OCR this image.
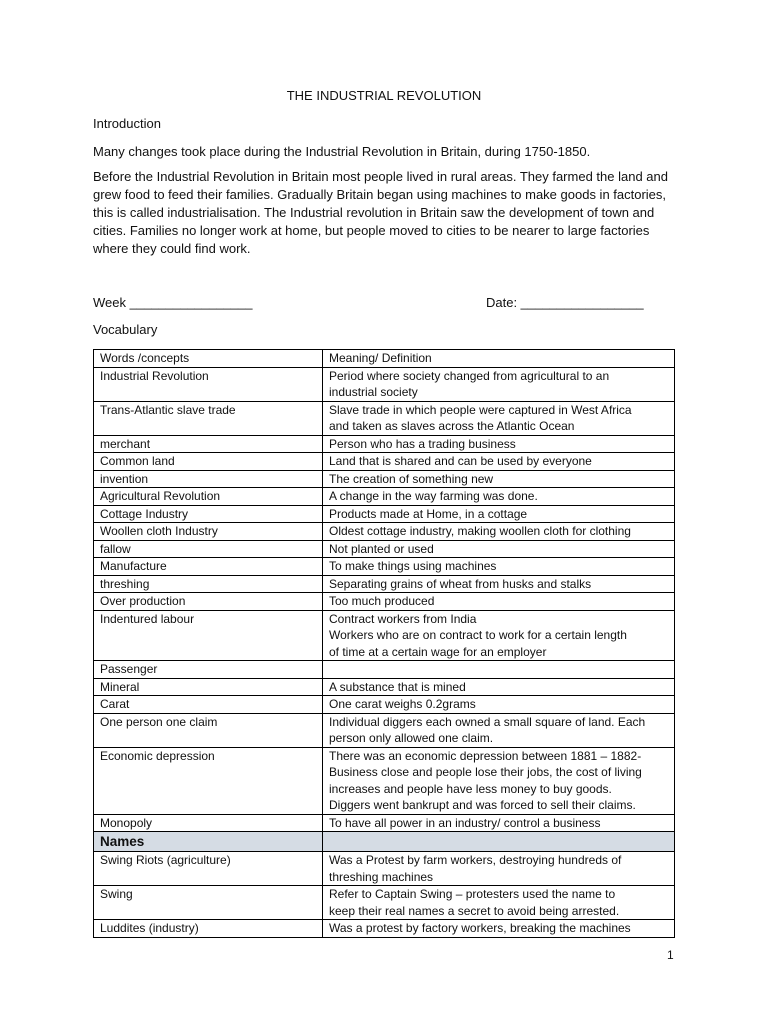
THE INDUSTRIAL REVOLUTION
Introduction
Many changes took place during the Industrial Revolution in Britain, during 1750-1850.
Before the Industrial Revolution in Britain most people lived in rural areas. They farmed the land and grew food to feed their families. Gradually Britain began using machines to make goods in factories, this is called industrialisation. The Industrial revolution in Britain saw the development of town and cities. Families no longer work at home, but people moved to cities to be nearer to large factories where they could find work.
Week _________________	Date: _________________
Vocabulary
Words /concepts	Meaning/ Definition
Industrial Revolution	Period where society changed from agricultural to an
industrial society

Trans-Atlantic slave trade	Slave trade in which people were captured in West Africa
and taken as slaves across the Atlantic Ocean

merchant	Person who has a trading business

Common land	Land that is shared and can be used by everyone

invention	The creation of something new

Agricultural Revolution	A change in the way farming was done.

Cottage Industry	Products made at Home, in a cottage

Woollen cloth Industry	Oldest cottage industry, making woollen cloth for clothing

fallow	Not planted or used

Manufacture	To make things using machines

threshing	Separating grains of wheat from husks and stalks

Over production	Too much produced

Indentured labour	Contract workers from India
Workers who are on contract to work for a certain length
of time at a certain wage for an employer

Passenger	

Mineral	A substance that is mined

Carat	One carat weighs 0.2grams

One person one claim	Individual diggers each owned a small square of land. Each
person only allowed one claim.

Economic depression	There was an economic depression between 1881 – 1882-
Business close and people lose their jobs, the cost of living
increases and people have less money to buy goods.
Diggers went bankrupt and was forced to sell their claims.

Monopoly	To have all power in an industry/ control a business

Names	
Swing Riots (agriculture)	Was a Protest by farm workers, destroying hundreds of
threshing machines

Swing	Refer to Captain Swing – protesters used the name to
keep their real names a secret to avoid being arrested.

Luddites (industry)	Was a protest by factory workers, breaking the machines
1
